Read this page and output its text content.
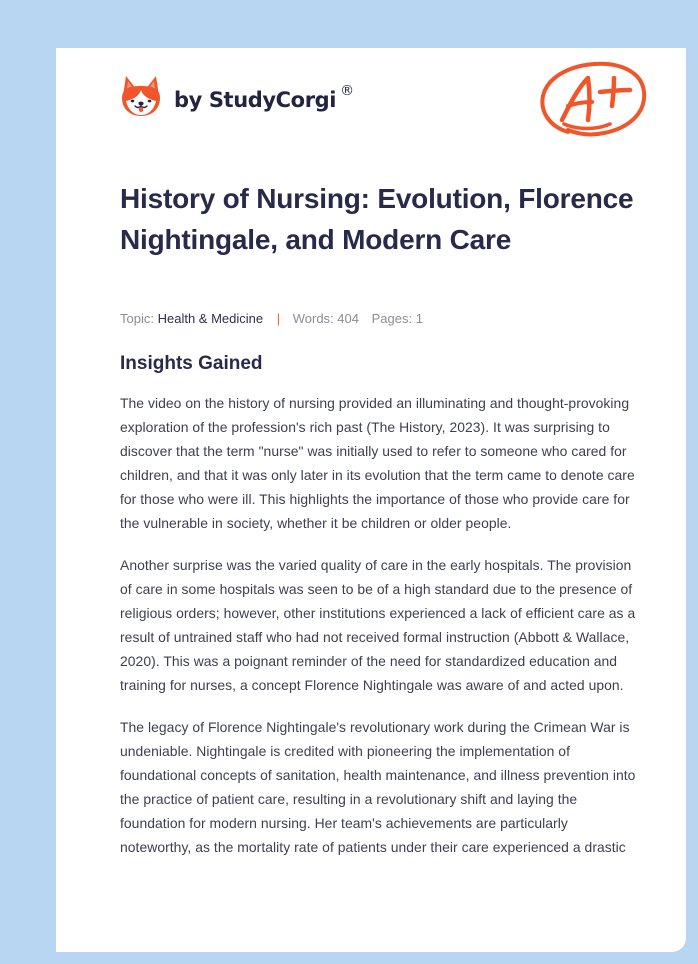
by StudyCorgi ®
History of Nursing: Evolution, Florence Nightingale, and Modern Care
Topic: Health & Medicine | Words: 404 Pages: 1
Insights Gained

The video on the history of nursing provided an illuminating and thought-provoking exploration of the profession's rich past (The History, 2023). It was surprising to discover that the term "nurse" was initially used to refer to someone who cared for children, and that it was only later in its evolution that the term came to denote care for those who were ill. This highlights the importance of those who provide care for the vulnerable in society, whether it be children or older people.

Another surprise was the varied quality of care in the early hospitals. The provision of care in some hospitals was seen to be of a high standard due to the presence of religious orders; however, other institutions experienced a lack of efficient care as a result of untrained staff who had not received formal instruction (Abbott & Wallace, 2020). This was a poignant reminder of the need for standardized education and training for nurses, a concept Florence Nightingale was aware of and acted upon.

The legacy of Florence Nightingale's revolutionary work during the Crimean War is undeniable. Nightingale is credited with pioneering the implementation of foundational concepts of sanitation, health maintenance, and illness prevention into the practice of patient care, resulting in a revolutionary shift and laying the foundation for modern nursing. Her team's achievements are particularly noteworthy, as the mortality rate of patients under their care experienced a drastic
